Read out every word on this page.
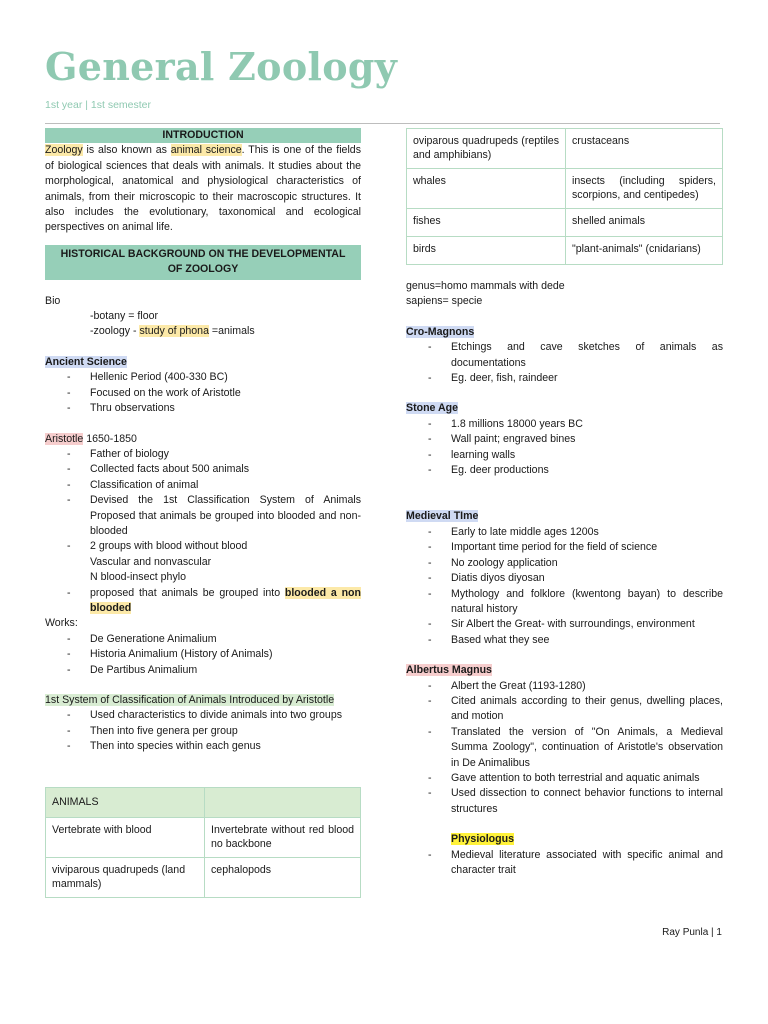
General Zoology
1st year | 1st semester
INTRODUCTION
Zoology is also known as animal science. This is one of the fields of biological sciences that deals with animals. It studies about the morphological, anatomical and physiological characteristics of animals, from their microscopic to their macroscopic structures. It also includes the evolutionary, taxonomical and ecological perspectives on animal life.
HISTORICAL BACKGROUND ON THE DEVELOPMENTAL OF ZOOLOGY
Bio
-botany = floor
-zoology - study of phona =animals
Ancient Science
- Hellenic Period (400-330 BC)
- Focused on the work of Aristotle
- Thru observations
Aristotle 1650-1850
- Father of biology
- Collected facts about 500 animals
- Classification of animal
- Devised the 1st Classification System of Animals Proposed that animals be grouped into blooded and non-blooded
- 2 groups with blood without blood
Vascular and nonvascular
N blood-insect phylo
- proposed that animals be grouped into blooded a non blooded
Works:
- De Generatione Animalium
- Historia Animalium (History of Animals)
- De Partibus Animalium
1st System of Classification of Animals Introduced by Aristotle
- Used characteristics to divide animals into two groups
- Then into five genera per group
- Then into species within each genus
ANIMALS	
Vertebrate with blood	Invertebrate without red blood no backbone
viviparous quadrupeds (land mammals)	cephalopods
oviparous quadrupeds (reptiles and amphibians)	crustaceans
whales	insects (including spiders, scorpions, and centipedes)
fishes	shelled animals
birds	"plant-animals" (cnidarians)
genus=homo mammals with dede
sapiens= specie
Cro-Magnons
- Etchings and cave sketches of animals as documentations
- Eg. deer, fish, raindeer
Stone Age
- 1.8 millions 18000 years BC
- Wall paint; engraved bines
- learning walls
- Eg. deer productions
Medieval TIme
- Early to late middle ages 1200s
- Important time period for the field of science
- No zoology application
- Diatis diyos diyosan
- Mythology and folklore (kwentong bayan) to describe natural history
- Sir Albert the Great- with surroundings, environment
- Based what they see
Albertus Magnus
- Albert the Great (1193-1280)
- Cited animals according to their genus, dwelling places, and motion
- Translated the version of "On Animals, a Medieval Summa Zoology", continuation of Aristotle's observation in De Animalibus
- Gave attention to both terrestrial and aquatic animals
- Used dissection to connect behavior functions to internal structures
Physiologus
- Medieval literature associated with specific animal and character trait
Ray Punla | 1
